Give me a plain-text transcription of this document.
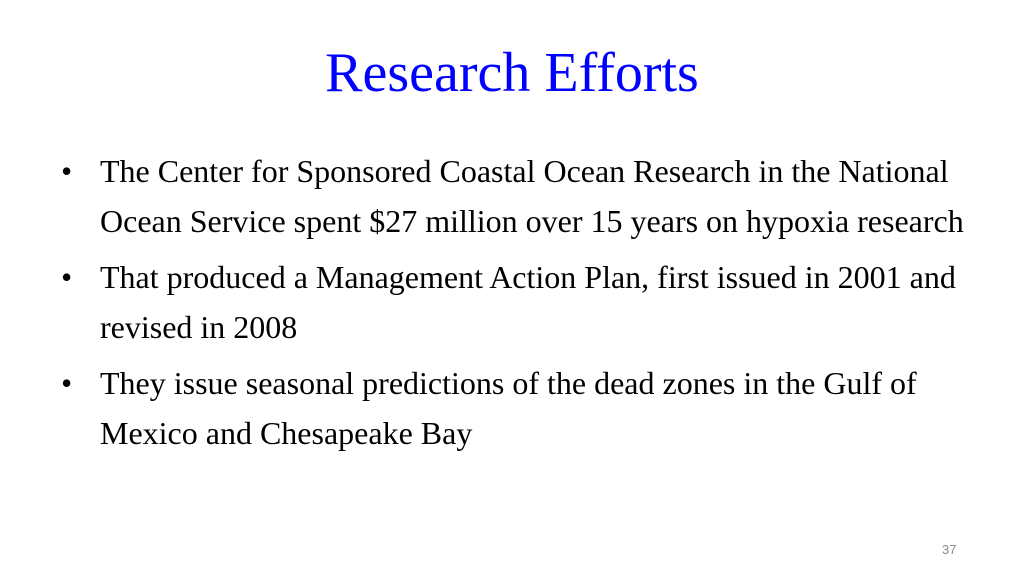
Research Efforts
• The Center for Sponsored Coastal Ocean Research in the National Ocean Service spent $27 million over 15 years on hypoxia research
• That produced a Management Action Plan, first issued in 2001 and revised in 2008
• They issue seasonal predictions of the dead zones in the Gulf of Mexico and Chesapeake Bay
37
